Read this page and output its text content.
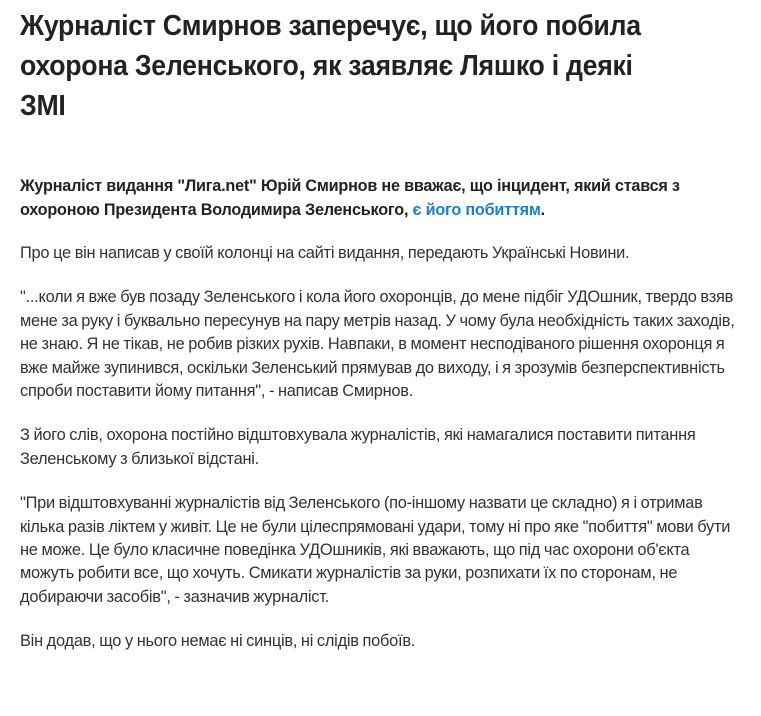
Журналіст Смирнов заперечує, що його побила охорона Зеленського, як заявляє Ляшко і деякі ЗМІ

Журналіст видання "Лига.net" Юрій Смирнов не вважає, що інцидент, який стався з охороною Президента Володимира Зеленського, є його побиттям.

Про це він написав у своїй колонці на сайті видання, передають Українські Новини.

"...коли я вже був позаду Зеленського і кола його охоронців, до мене підбіг УДОшник, твердо взяв мене за руку і буквально пересунув на пару метрів назад. У чому була необхідність таких заходів, не знаю. Я не тікав, не робив різких рухів. Навпаки, в момент несподіваного рішення охоронця я вже майже зупинився, оскільки Зеленський прямував до виходу, і я зрозумів безперспективність спроби поставити йому питання", - написав Смирнов.

З його слів, охорона постійно відштовхувала журналістів, які намагалися поставити питання Зеленському з близької відстані.

"При відштовхуванні журналістів від Зеленського (по-іншому назвати це складно) я і отримав кілька разів ліктем у живіт. Це не були цілеспрямовані удари, тому ні про яке "побиття" мови бути не може. Це було класичне поведінка УДОшників, які вважають, що під час охорони об'єкта можуть робити все, що хочуть. Смикати журналістів за руки, розпихати їх по сторонам, не добираючи засобів", - зазначив журналіст.

Він додав, що у нього немає ні синців, ні слідів побоїв.
